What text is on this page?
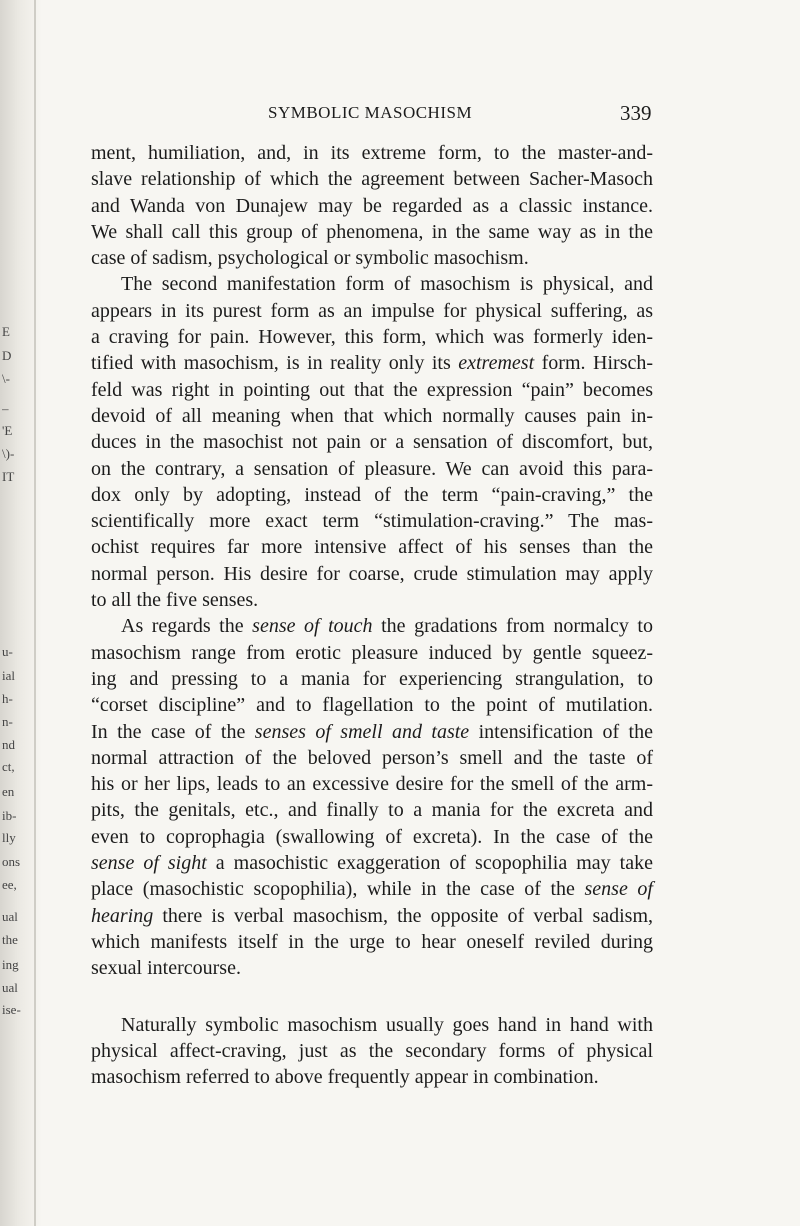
SYMBOLIC MASOCHISM	339
ment, humiliation, and, in its extreme form, to the master-and-
slave relationship of which the agreement between Sacher-Masoch
and Wanda von Dunajew may be regarded as a classic instance.
We shall call this group of phenomena, in the same way as in the
case of sadism, psychological or symbolic masochism.
The second manifestation form of masochism is physical, and
appears in its purest form as an impulse for physical suffering, as
a craving for pain. However, this form, which was formerly iden-
tified with masochism, is in reality only its extremest form. Hirsch-
feld was right in pointing out that the expression “pain” becomes
devoid of all meaning when that which normally causes pain in-
duces in the masochist not pain or a sensation of discomfort, but,
on the contrary, a sensation of pleasure. We can avoid this para-
dox only by adopting, instead of the term “pain-craving,” the
scientifically more exact term “stimulation-craving.” The mas-
ochist requires far more intensive affect of his senses than the
normal person. His desire for coarse, crude stimulation may apply
to all the five senses.
As regards the sense of touch the gradations from normalcy to
masochism range from erotic pleasure induced by gentle squeez-
ing and pressing to a mania for experiencing strangulation, to
“corset discipline” and to flagellation to the point of mutilation.
In the case of the senses of smell and taste intensification of the
normal attraction of the beloved person’s smell and the taste of
his or her lips, leads to an excessive desire for the smell of the arm-
pits, the genitals, etc., and finally to a mania for the excreta and
even to coprophagia (swallowing of excreta). In the case of the
sense of sight a masochistic exaggeration of scopophilia may take
place (masochistic scopophilia), while in the case of the sense of
hearing there is verbal masochism, the opposite of verbal sadism,
which manifests itself in the urge to hear oneself reviled during
sexual intercourse.
Naturally symbolic masochism usually goes hand in hand with
physical affect-craving, just as the secondary forms of physical
masochism referred to above frequently appear in combination.
E
D
\-
–
'E
\)-
IT
u-
ial
h-
n-
nd
ct,
en
ib-
lly
ons
ee,
ual
the
ing
ual
ise-
